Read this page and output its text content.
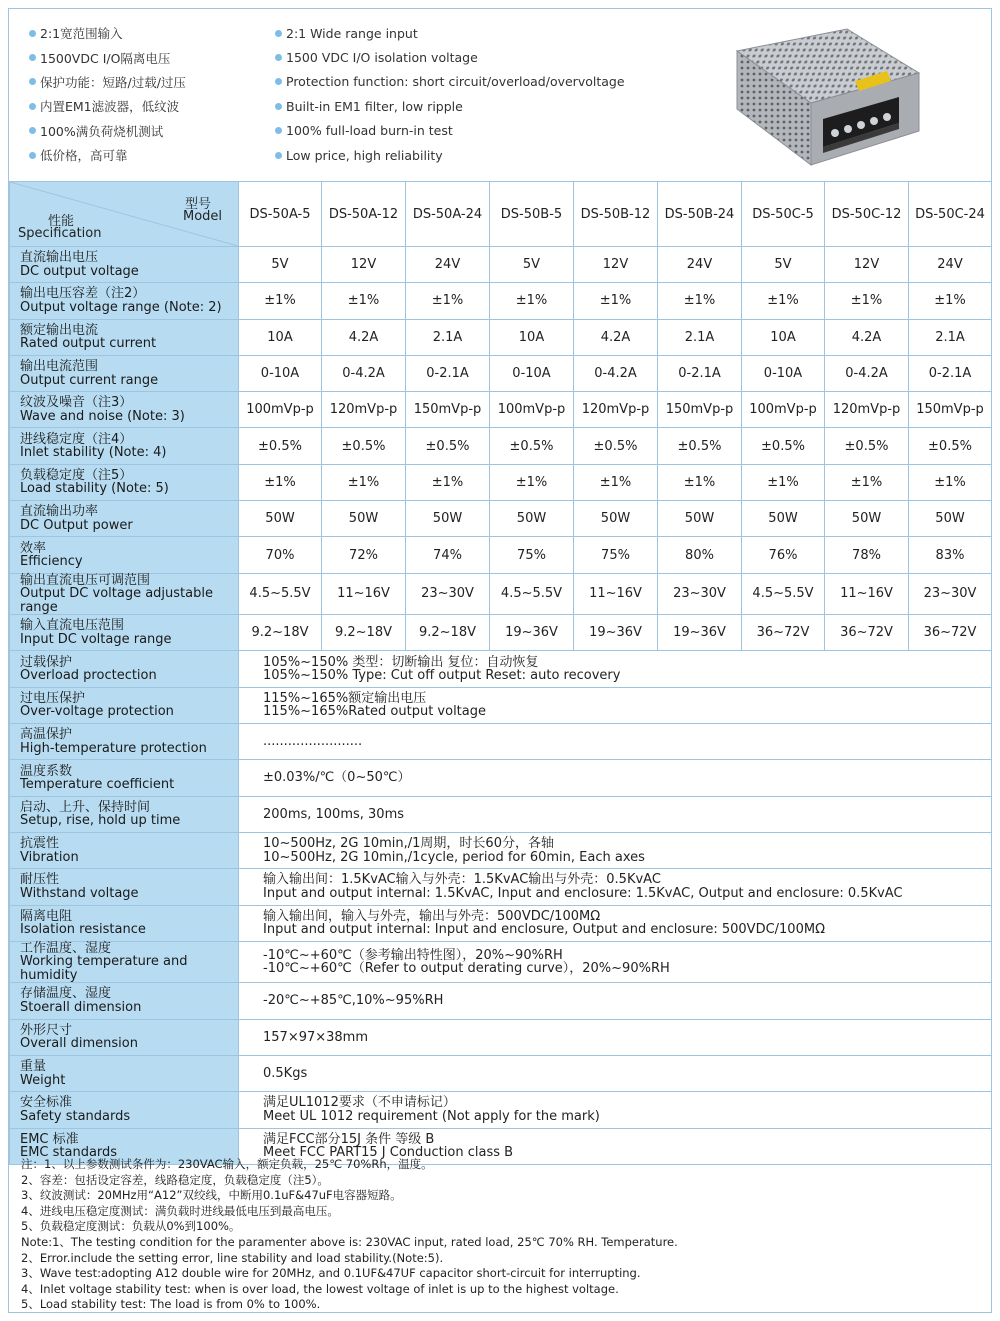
2:1宽范围输入
1500VDC I/O隔离电压
保护功能：短路/过载/过压
内置EM1滤波器，低纹波
100%满负荷烧机测试
低价格，高可靠
2:1 Wide range input
1500 VDC I/O isolation voltage
Protection function: short circuit/overload/overvoltage
Built-in EM1 filter, low ripple
100% full-load burn-in test
Low price, high reliability
型号
Model
性能
Specification	DS-50A-5	DS-50A-12	DS-50A-24	DS-50B-5	DS-50B-12	DS-50B-24	DS-50C-5	DS-50C-12	DS-50C-24

直流输出电压
DC output voltage	5V	12V	24V	5V	12V	24V	5V	12V	24V

输出电压容差（注2）
Output voltage range (Note: 2)	±1%	±1%	±1%	±1%	±1%	±1%	±1%	±1%	±1%

额定输出电流
Rated output current	10A	4.2A	2.1A	10A	4.2A	2.1A	10A	4.2A	2.1A

输出电流范围
Output current range	0-10A	0-4.2A	0-2.1A	0-10A	0-4.2A	0-2.1A	0-10A	0-4.2A	0-2.1A

纹波及噪音（注3）
Wave and noise (Note: 3)	100mVp-p	120mVp-p	150mVp-p	100mVp-p	120mVp-p	150mVp-p	100mVp-p	120mVp-p	150mVp-p

进线稳定度（注4）
Inlet stability (Note: 4)	±0.5%	±0.5%	±0.5%	±0.5%	±0.5%	±0.5%	±0.5%	±0.5%	±0.5%

负载稳定度（注5）
Load stability (Note: 5)	±1%	±1%	±1%	±1%	±1%	±1%	±1%	±1%	±1%

直流输出功率
DC Output power	50W	50W	50W	50W	50W	50W	50W	50W	50W

效率
Efficiency	70%	72%	74%	75%	75%	80%	76%	78%	83%

输出直流电压可调范围
Output DC voltage adjustable range	4.5~5.5V	11~16V	23~30V	4.5~5.5V	11~16V	23~30V	4.5~5.5V	11~16V	23~30V

输入直流电压范围
Input DC voltage range	9.2~18V	9.2~18V	9.2~18V	19~36V	19~36V	19~36V	36~72V	36~72V	36~72V

过载保护
Overload proctection	105%~150% 类型：切断输出 复位：自动恢复
105%~150% Type: Cut off output Reset: auto recovery								

过电压保护
Over-voltage protection	115%~165%额定输出电压
115%~165%Rated output voltage								

高温保护
High-temperature protection	........................								

温度系数
Temperature coefficient	±0.03%/℃（0~50℃）								

启动、上升、保持时间
Setup, rise, hold up time	200ms, 100ms, 30ms								

抗震性
Vibration	10~500Hz, 2G 10min,/1周期，时长60分，各轴
10~500Hz, 2G 10min,/1cycle, period for 60min, Each axes								

耐压性
Withstand voltage	输入输出间：1.5KvAC输入与外壳：1.5KvAC输出与外壳：0.5KvAC
Input and output internal: 1.5KvAC, Input and enclosure: 1.5KvAC, Output and enclosure: 0.5KvAC								

隔离电阻
Isolation resistance	输入输出间，输入与外壳，输出与外壳：500VDC/100MΩ
Input and output internal: Input and enclosure, Output and enclosure: 500VDC/100MΩ								

工作温度、湿度
Working temperature and humidity	-10℃~+60℃（参考输出特性图），20%~90%RH
-10℃~+60℃（Refer to output derating curve），20%~90%RH								

存储温度、湿度
Stoerall dimension	-20℃~+85℃,10%~95%RH								

外形尺寸
Overall dimension	157×97×38mm								

重量
Weight	0.5Kgs								

安全标准
Safety standards	满足UL1012要求（不申请标记）
Meet UL 1012 requirement (Not apply for the mark)								

EMC 标准
EMC standards	满足FCC部分15J 条件 等级 B
Meet FCC PART15 J Conduction class B								
注：1、以上参数测试条件为：230VAC输入，额定负载，25℃ 70%Rh，温度。
2、容差：包括设定容差，线路稳定度，负载稳定度（注5）。
3、纹波测试：20MHz用“A12”双绞线，中断用0.1uF&47uF电容器短路。
4、进线电压稳定度测试：满负载时进线最低电压到最高电压。
5、负载稳定度测试：负载从0%到100%。
Note:1、The testing condition for the paramenter above is: 230VAC input, rated load, 25℃ 70% RH. Temperature.
2、Error.include the setting error, line stability and load stability.(Note:5).
3、Wave test:adopting A12 double wire for 20MHz, and 0.1UF&47UF capacitor short-circuit for interrupting.
4、Inlet voltage stability test: when is over load, the lowest voltage of inlet is up to the highest voltage.
5、Load stability test: The load is from 0% to 100%.
